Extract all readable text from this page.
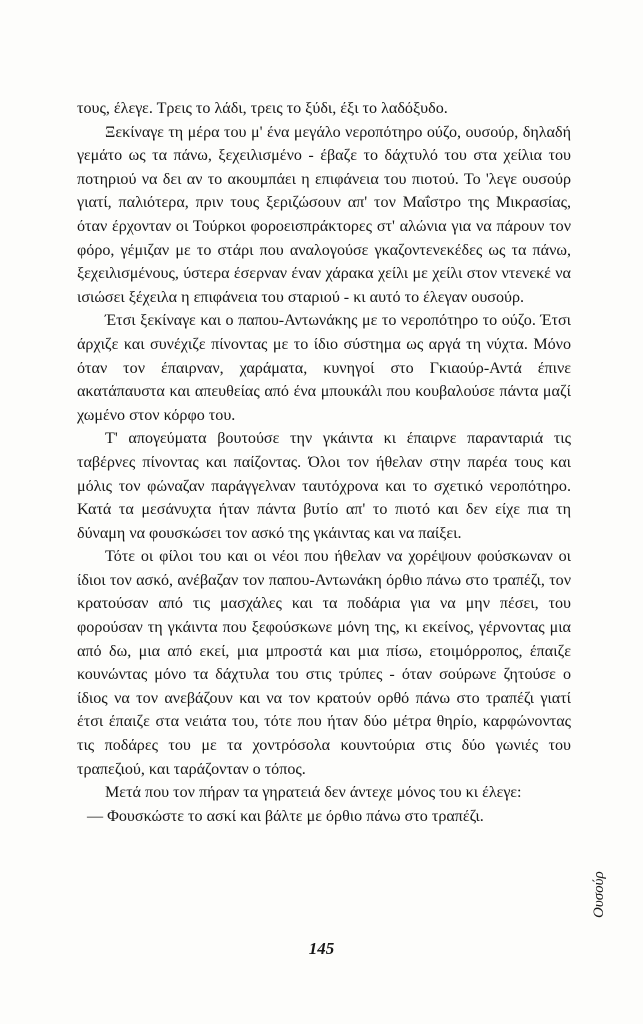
τους, έλεγε. Τρεις το λάδι, τρεις το ξύδι, έξι το λαδόξυδο.

Ξεκίναγε τη μέρα του μ' ένα μεγάλο νεροπότηρο ούζο, ουσούρ, δηλαδή γεμάτο ως τα πάνω, ξεχειλισμένο - έβαζε το δάχτυλό του στα χείλια του ποτηριού να δει αν το ακουμπάει η επιφάνεια του πιοτού. Το 'λεγε ουσούρ γιατί, παλιότερα, πριν τους ξεριζώσουν απ' τον Μαΐστρο της Μικρασίας, όταν έρχονταν οι Τούρκοι φοροεισπράκτορες στ' αλώνια για να πάρουν τον φόρο, γέμιζαν με το στάρι που αναλογούσε γκαζοντενεκέδες ως τα πάνω, ξεχειλισμένους, ύστερα έσερναν έναν χάρακα χείλι με χείλι στον ντενεκέ να ισιώσει ξέχειλα η επιφάνεια του σταριού - κι αυτό το έλεγαν ουσούρ.

Έτσι ξεκίναγε και ο παπου-Αντωνάκης με το νεροπότηρο το ούζο. Έτσι άρχιζε και συνέχιζε πίνοντας με το ίδιο σύστημα ως αργά τη νύχτα. Μόνο όταν τον έπαιρναν, χαράματα, κυνηγοί στο Γκιαούρ-Αντά έπινε ακατάπαυστα και απευθείας από ένα μπουκάλι που κουβαλούσε πάντα μαζί χωμένο στον κόρφο του.

Τ' απογεύματα βουτούσε την γκάιντα κι έπαιρνε παρανταριά τις ταβέρνες πίνοντας και παίζοντας. Όλοι τον ήθελαν στην παρέα τους και μόλις τον φώναζαν παράγγελναν ταυτόχρονα και το σχετικό νεροπότηρο. Κατά τα μεσάνυχτα ήταν πάντα βυτίο απ' το πιοτό και δεν είχε πια τη δύναμη να φουσκώσει τον ασκό της γκάιντας και να παίξει.

Τότε οι φίλοι του και οι νέοι που ήθελαν να χορέψουν φούσκωναν οι ίδιοι τον ασκό, ανέβαζαν τον παπου-Αντωνάκη όρθιο πάνω στο τραπέζι, τον κρατούσαν από τις μασχάλες και τα ποδάρια για να μην πέσει, του φορούσαν τη γκάιντα που ξεφούσκωνε μόνη της, κι εκείνος, γέρνοντας μια από δω, μια από εκεί, μια μπροστά και μια πίσω, ετοιμόρροπος, έπαιζε κουνώντας μόνο τα δάχτυλα του στις τρύπες - όταν σούρωνε ζητούσε ο ίδιος να τον ανεβάζουν και να τον κρατούν ορθό πάνω στο τραπέζι γιατί έτσι έπαιζε στα νειάτα του, τότε που ήταν δύο μέτρα θηρίο, καρφώνοντας τις ποδάρες του με τα χοντρόσολα κουντούρια στις δύο γωνιές του τραπεζιού, και ταράζονταν ο τόπος.

Μετά που τον πήραν τα γηρατειά δεν άντεχε μόνος του κι έλεγε:

— Φουσκώστε το ασκί και βάλτε με όρθιο πάνω στο τραπέζι.

Ουσούρ
145
